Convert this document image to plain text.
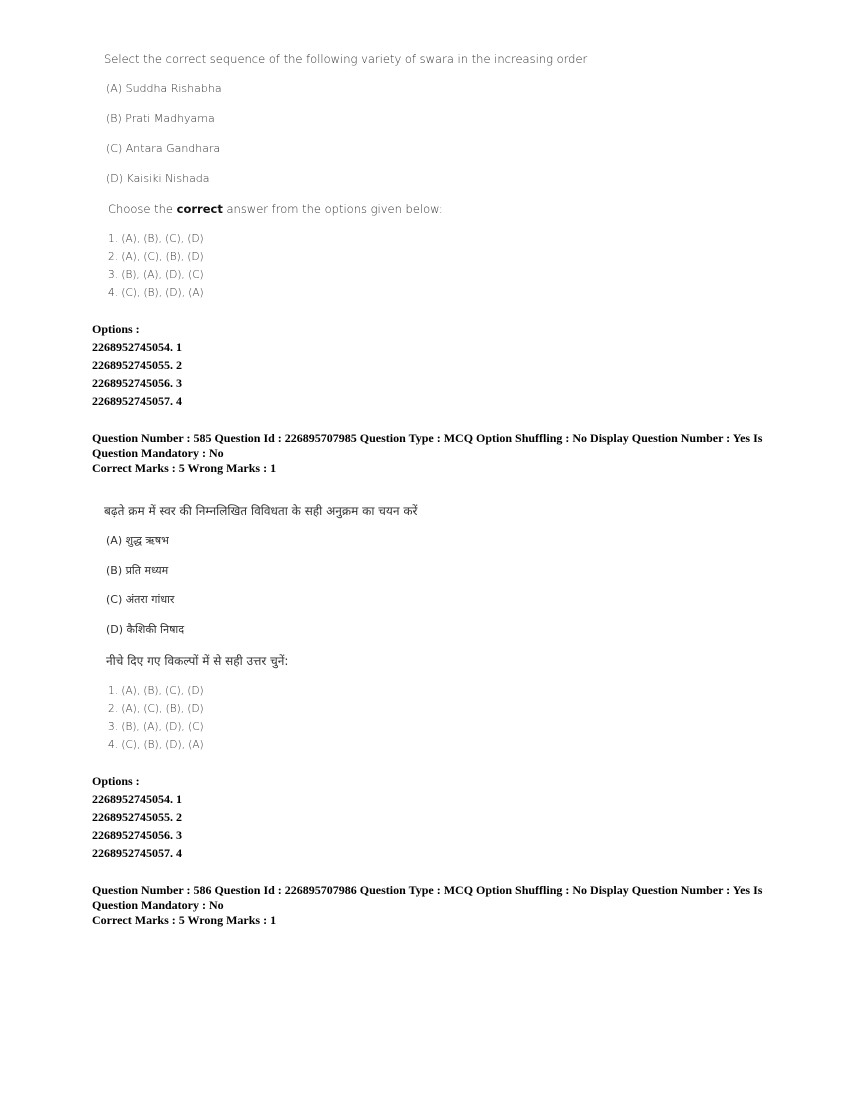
Select the correct sequence of the following variety of swara in the increasing order
(A) Suddha Rishabha
(B) Prati Madhyama
(C) Antara Gandhara
(D) Kaisiki Nishada
Choose the correct answer from the options given below:
1. (A), (B), (C), (D)
2. (A), (C), (B), (D)
3. (B), (A), (D), (C)
4. (C), (B), (D), (A)
Options :
2268952745054. 1
2268952745055. 2
2268952745056. 3
2268952745057. 4
Question Number : 585 Question Id : 226895707985 Question Type : MCQ Option Shuffling : No Display Question Number : Yes Is Question Mandatory : No
Correct Marks : 5 Wrong Marks : 1
बढ़ते क्रम में स्वर की निम्नलिखित विविधता के सही अनुक्रम का चयन करें
(A) शुद्ध ऋषभ
(B) प्रति मध्यम
(C) अंतरा गांधार
(D) कैशिकी निषाद
नीचे दिए गए विकल्पों में से सही उत्तर चुनें:
1. (A), (B), (C), (D)
2. (A), (C), (B), (D)
3. (B), (A), (D), (C)
4. (C), (B), (D), (A)
Options :
2268952745054. 1
2268952745055. 2
2268952745056. 3
2268952745057. 4
Question Number : 586 Question Id : 226895707986 Question Type : MCQ Option Shuffling : No Display Question Number : Yes Is Question Mandatory : No
Correct Marks : 5 Wrong Marks : 1
